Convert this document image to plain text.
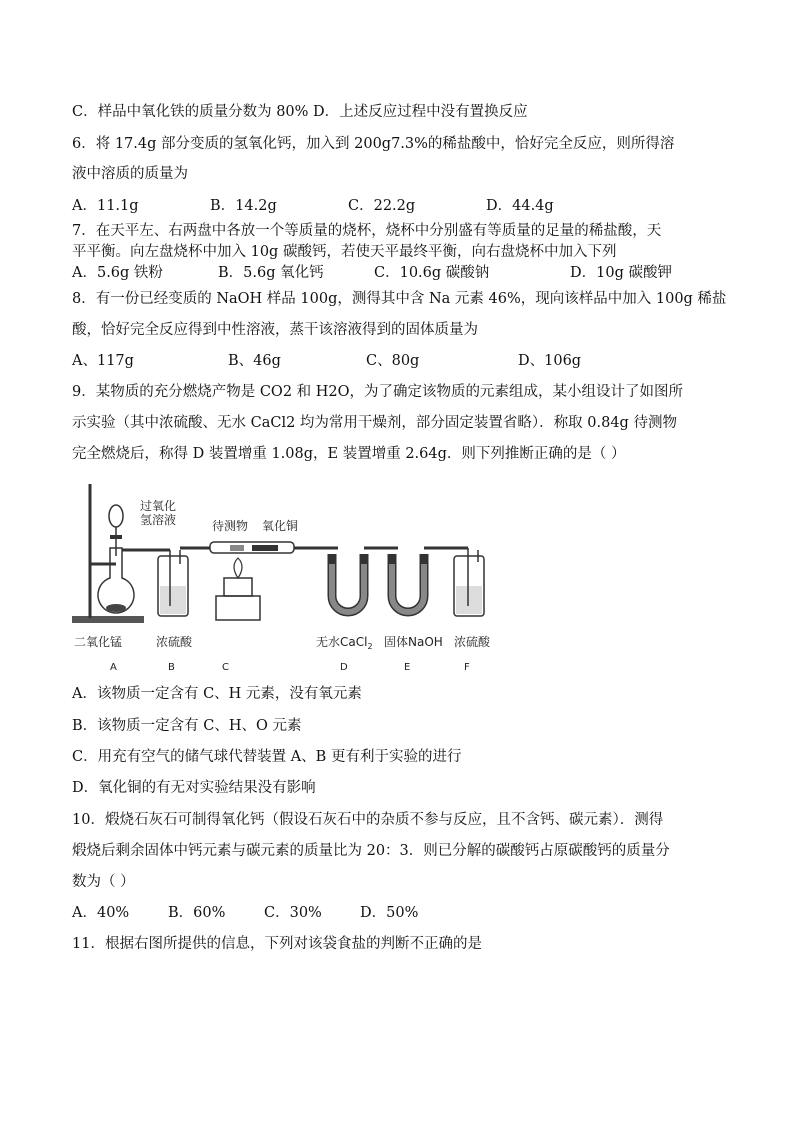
C．样品中氧化铁的质量分数为 80% D．上述反应过程中没有置换反应
6．将 17.4g 部分变质的氢氧化钙，加入到 200g7.3%的稀盐酸中，恰好完全反应，则所得溶
液中溶质的质量为
A．11.1g	B．14.2g	C．22.2g	D．44.4g
7．在天平左、右两盘中各放一个等质量的烧杯，烧杯中分别盛有等质量的足量的稀盐酸，天
平平衡。向左盘烧杯中加入 10g 碳酸钙，若使天平最终平衡，向右盘烧杯中加入下列
A．5.6g 铁粉	B．5.6g 氧化钙	C．10.6g 碳酸钠	D．10g 碳酸钾
8．有一份已经变质的 NaOH 样品 100g，测得其中含 Na 元素 46%，现向该样品中加入 100g 稀盐
酸，恰好完全反应得到中性溶液，蒸干该溶液得到的固体质量为
A、117g	B、46g	C、80g	D、106g
9．某物质的充分燃烧产物是 CO2 和 H2O，为了确定该物质的元素组成，某小组设计了如图所
示实验（其中浓硫酸、无水 CaCl2 均为常用干燥剂，部分固定装置省略）．称取 0.84g 待测物
完全燃烧后，称得 D 装置增重 1.08g，E 装置增重 2.64g．则下列推断正确的是（ ）
过氧化
氢溶液	待测物 氧化铜
二氧化锰	浓硫酸	无水CaCl$_2$ 固体NaOH 浓硫酸
A	B	C	D	E	F
A．该物质一定含有 C、H 元素，没有氧元素
B．该物质一定含有 C、H、O 元素
C．用充有空气的储气球代替装置 A、B 更有利于实验的进行
D．氧化铜的有无对实验结果没有影响
10．煅烧石灰石可制得氧化钙（假设石灰石中的杂质不参与反应，且不含钙、碳元素）．测得
煅烧后剩余固体中钙元素与碳元素的质量比为 20：3．则已分解的碳酸钙占原碳酸钙的质量分
数为（ ）
A．40%	B．60%	C．30%	D．50%
11．根据右图所提供的信息，下列对该袋食盐的判断不正确的是
